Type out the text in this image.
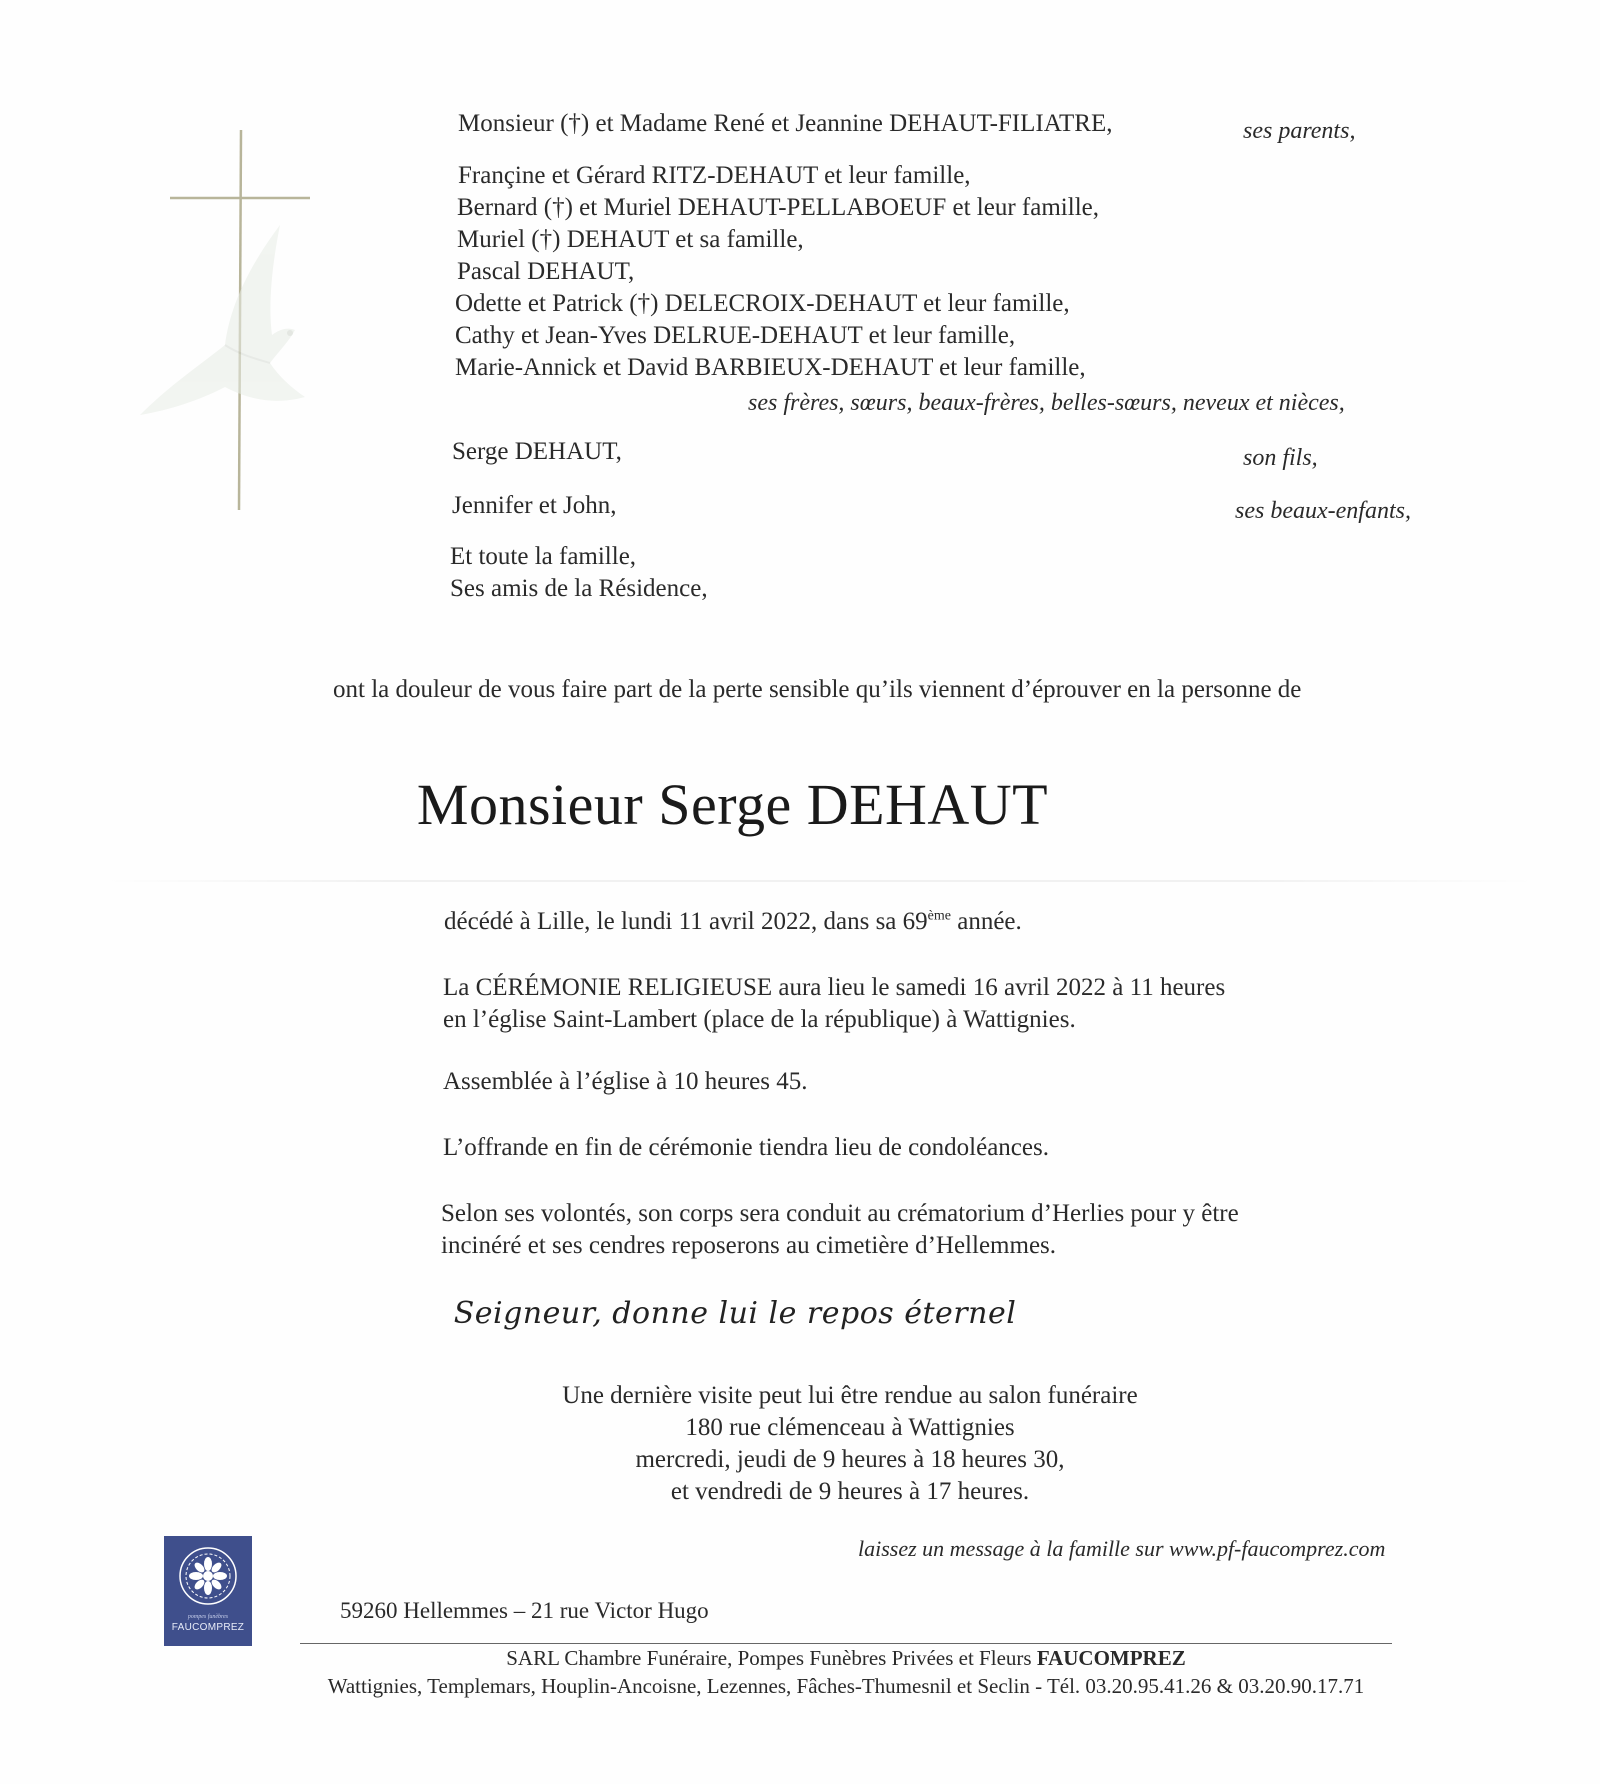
Monsieur (†) et Madame René et Jeannine DEHAUT-FILIATRE,	ses parents,
Françine et Gérard RITZ-DEHAUT et leur famille,
Bernard (†) et Muriel DEHAUT-PELLABOEUF et leur famille,
Muriel (†) DEHAUT et sa famille,
Pascal DEHAUT,
Odette et Patrick (†) DELECROIX-DEHAUT et leur famille,
Cathy et Jean-Yves DELRUE-DEHAUT et leur famille,
Marie-Annick et David BARBIEUX-DEHAUT et leur famille,
ses frères, sœurs, beaux-frères, belles-sœurs, neveux et nièces,
Serge DEHAUT,	son fils,
Jennifer et John,	ses beaux-enfants,
Et toute la famille,
Ses amis de la Résidence,
ont la douleur de vous faire part de la perte sensible qu’ils viennent d’éprouver en la personne de
Monsieur Serge DEHAUT
décédé à Lille, le lundi 11 avril 2022, dans sa 69ème année.
La CÉRÉMONIE RELIGIEUSE aura lieu le samedi 16 avril 2022 à 11 heures
en l’église Saint-Lambert (place de la république) à Wattignies.
Assemblée à l’église à 10 heures 45.
L’offrande en fin de cérémonie tiendra lieu de condoléances.
Selon ses volontés, son corps sera conduit au crématorium d’Herlies pour y être
incinéré et ses cendres reposerons au cimetière d’Hellemmes.
Seigneur, donne lui le repos éternel
Une dernière visite peut lui être rendue au salon funéraire
180 rue clémenceau à Wattignies
mercredi, jeudi de 9 heures à 18 heures 30,
et vendredi de 9 heures à 17 heures.
laissez un message à la famille sur www.pf-faucomprez.com
pompes funèbres
FAUCOMPREZ
59260 Hellemmes – 21 rue Victor Hugo
SARL Chambre Funéraire, Pompes Funèbres Privées et Fleurs FAUCOMPREZ
Wattignies, Templemars, Houplin-Ancoisne, Lezennes, Fâches-Thumesnil et Seclin - Tél. 03.20.95.41.26 & 03.20.90.17.71
